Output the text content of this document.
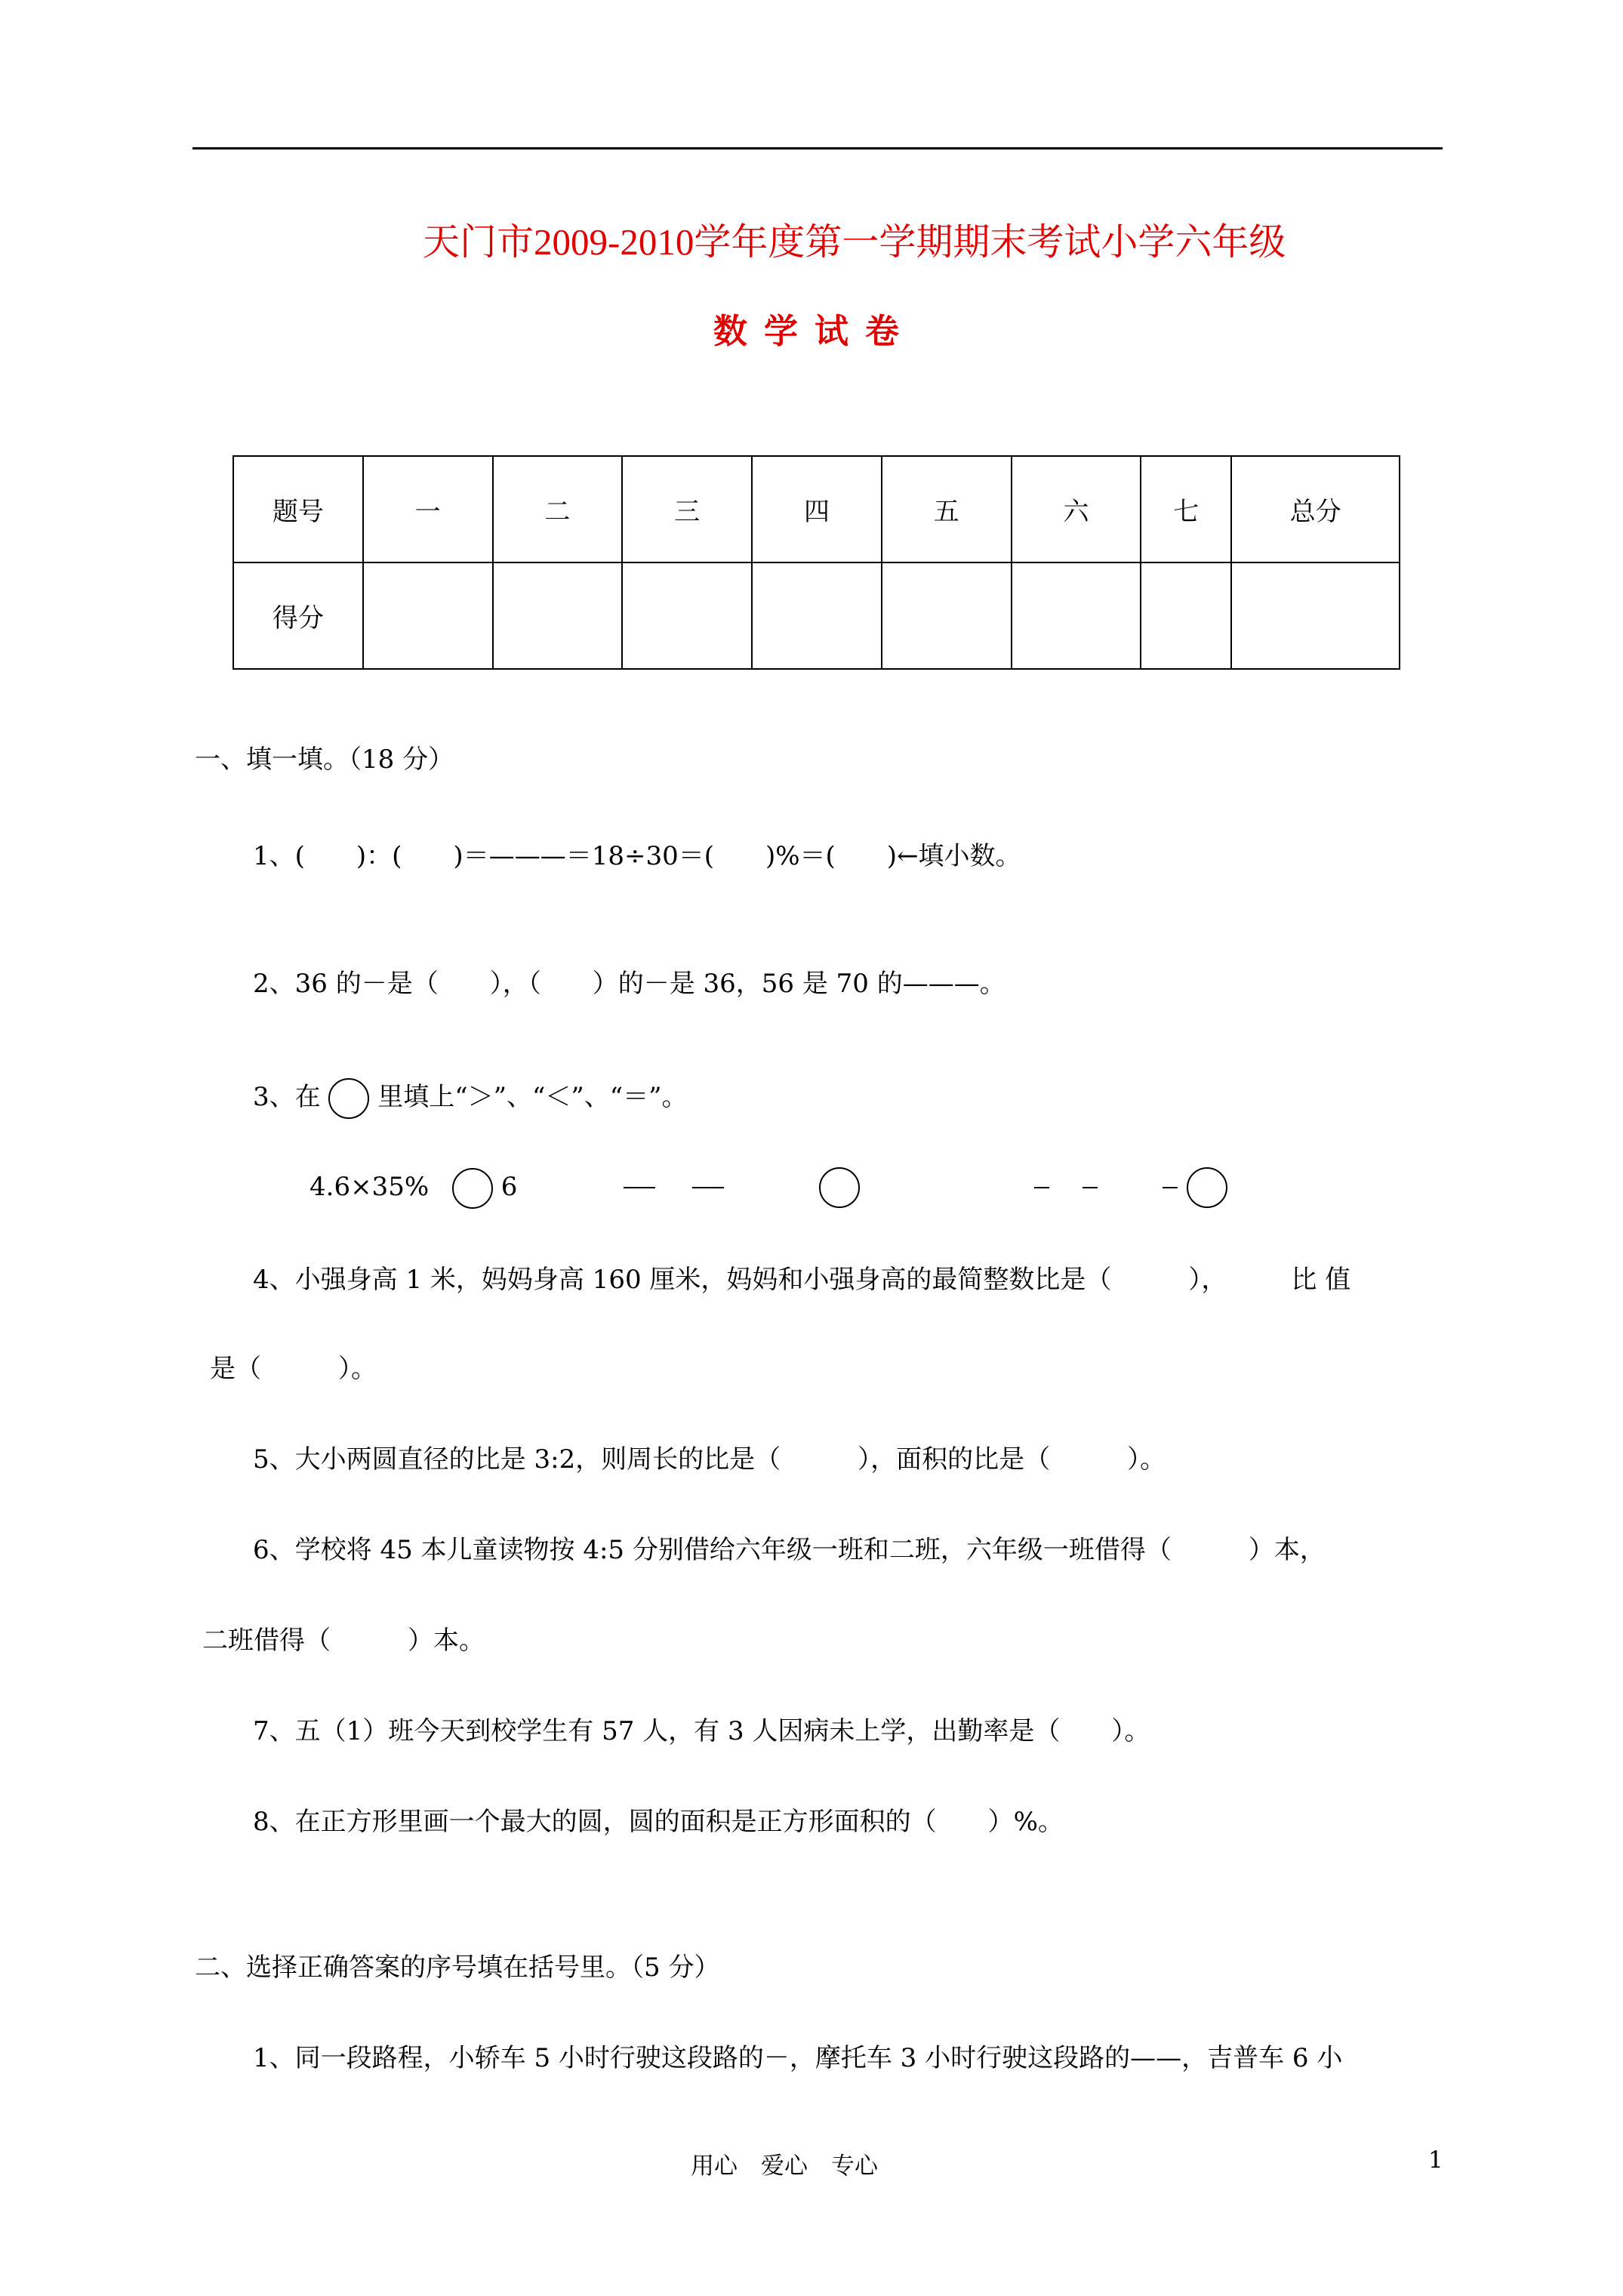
天门市2009-2010学年度第一学期期末考试小学六年级
数学试卷
题号	一	二	三	四	五	六	七	总分
得分								
一、填一填。（18 分）
1、(　　)：(　　)＝———＝18÷30＝(　　)%＝(　　)←填小数。
2、36 的－是（　　），（　　）的－是 36，56 是 70 的———。
3、在 里填上“＞”、“＜”、“＝”。
4.6×35%	6
4、小强身高 1 米，妈妈身高 160 厘米，妈妈和小强身高的最简整数比是（　　　），　　　比 值
是（　　　）。
5、大小两圆直径的比是 3:2，则周长的比是（　　　），面积的比是（　　　）。
6、学校将 45 本儿童读物按 4:5 分别借给六年级一班和二班，六年级一班借得（　　　）本，
二班借得（　　　）本。
7、五（1）班今天到校学生有 57 人，有 3 人因病未上学，出勤率是（　　）。
8、在正方形里画一个最大的圆，圆的面积是正方形面积的（　　）%。
二、选择正确答案的序号填在括号里。（5 分）
1、同一段路程，小轿车 5 小时行驶这段路的－，摩托车 3 小时行驶这段路的——，吉普车 6 小
用心　爱心　专心	1
